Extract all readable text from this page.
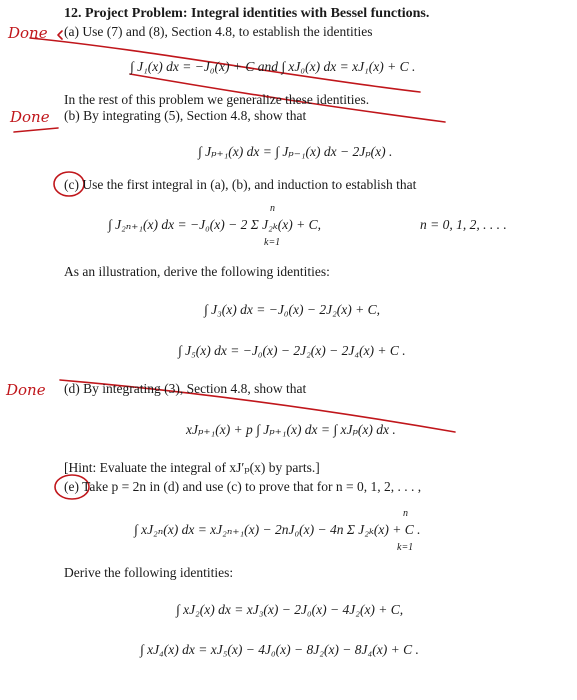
Done
Done
Done
12. Project Problem: Integral identities with Bessel functions.
(a) Use (7) and (8), Section 4.8, to establish the identities
∫ J₁(x) dx = −J₀(x) + C and ∫ xJ₀(x) dx = xJ₁(x) + C .
In the rest of this problem we generalize these identities.
(b) By integrating (5), Section 4.8, show that
∫ Jₚ₊₁(x) dx = ∫ Jₚ₋₁(x) dx − 2Jₚ(x) .
(c) Use the first integral in (a), (b), and induction to establish that
∫ J₂ₙ₊₁(x) dx = −J₀(x) − 2 Σ J₂ₖ(x) + C,
n
k=1
n = 0, 1, 2, . . . .
As an illustration, derive the following identities:
∫ J₃(x) dx = −J₀(x) − 2J₂(x) + C,
∫ J₅(x) dx = −J₀(x) − 2J₂(x) − 2J₄(x) + C .
(d) By integrating (3), Section 4.8, show that
xJₚ₊₁(x) + p ∫ Jₚ₊₁(x) dx = ∫ xJₚ(x) dx .
[Hint: Evaluate the integral of xJ′ₚ(x) by parts.]
(e) Take p = 2n in (d) and use (c) to prove that for n = 0, 1, 2, . . . ,
∫ xJ₂ₙ(x) dx = xJ₂ₙ₊₁(x) − 2nJ₀(x) − 4n Σ J₂ₖ(x) + C .
n
k=1
Derive the following identities:
∫ xJ₂(x) dx = xJ₃(x) − 2J₀(x) − 4J₂(x) + C,
∫ xJ₄(x) dx = xJ₅(x) − 4J₀(x) − 8J₂(x) − 8J₄(x) + C .
